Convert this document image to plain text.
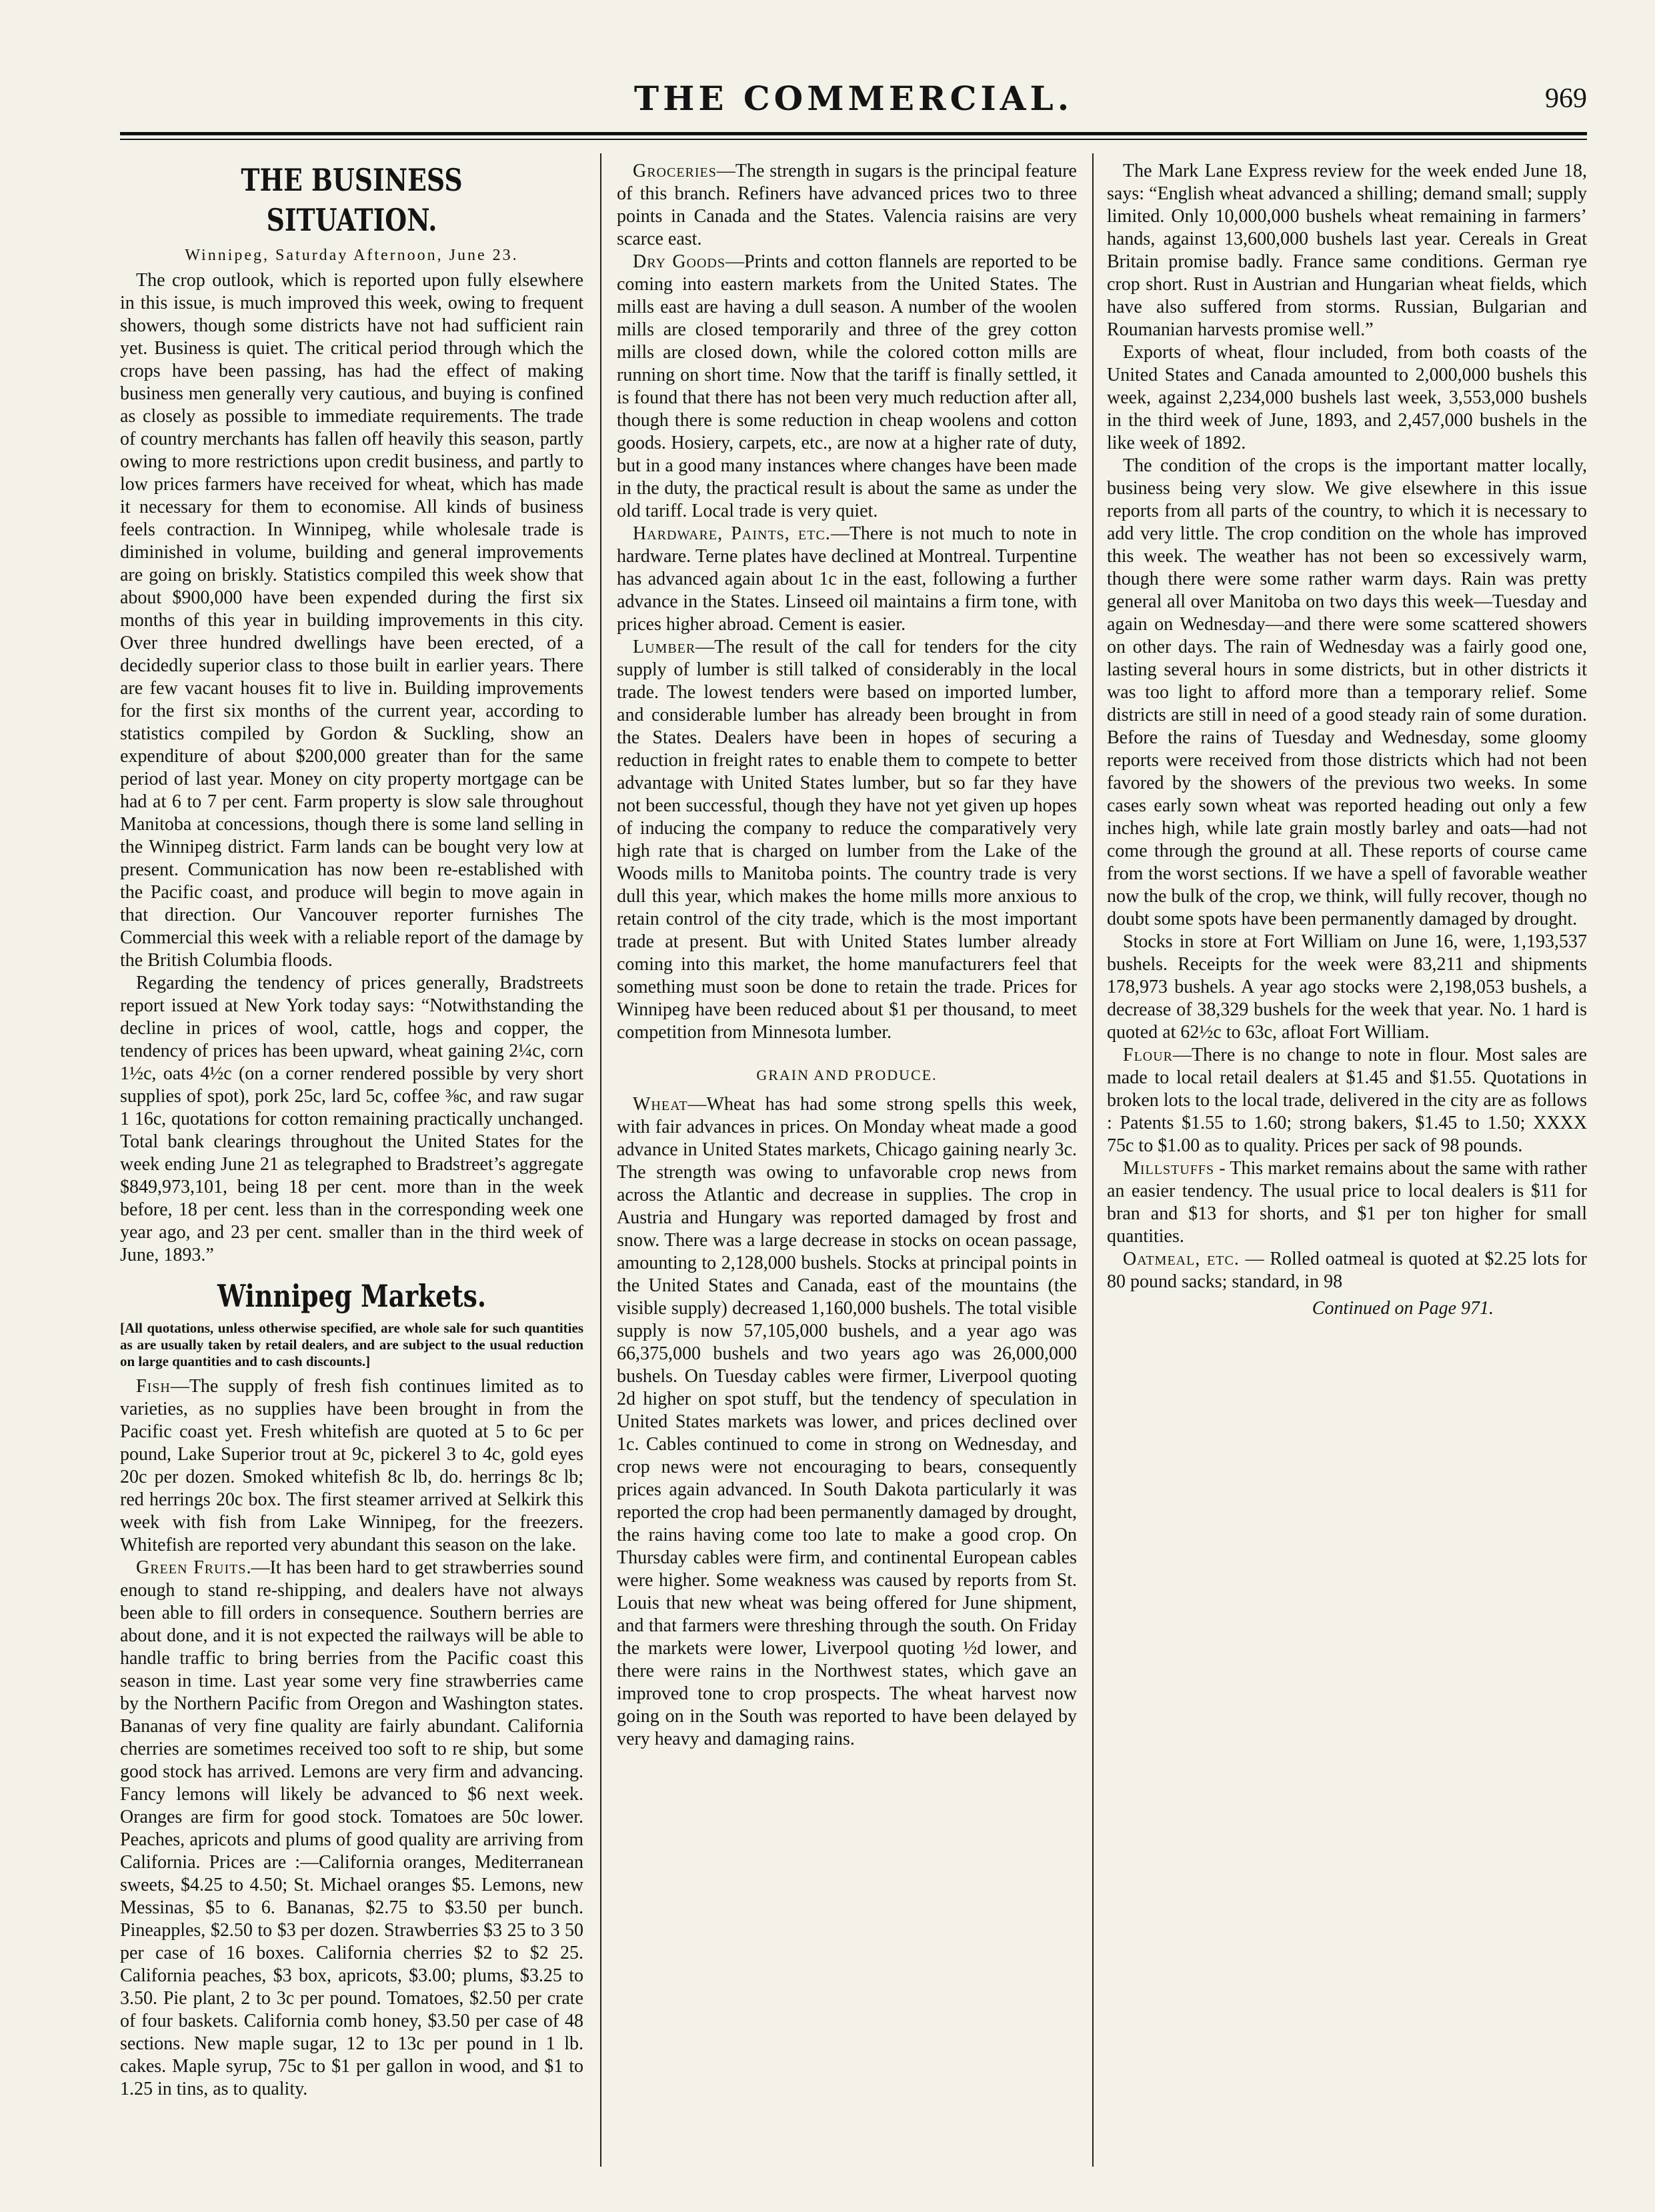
THE COMMERCIAL.	969
THE BUSINESS SITUATION.
Winnipeg, Saturday Afternoon, June 23.

The crop outlook, which is reported upon fully elsewhere in this issue, is much improved this week, owing to frequent showers, though some districts have not had sufficient rain yet. Business is quiet. The critical period through which the crops have been passing, has had the effect of making business men generally very cautious, and buying is confined as closely as possible to immediate requirements. The trade of country merchants has fallen off heavily this season, partly owing to more restrictions upon credit business, and partly to low prices farmers have received for wheat, which has made it necessary for them to economise. All kinds of business feels contraction. In Winnipeg, while wholesale trade is diminished in volume, building and general improvements are going on briskly. Statistics compiled this week show that about $900,000 have been expended during the first six months of this year in building improvements in this city. Over three hundred dwellings have been erected, of a decidedly superior class to those built in earlier years. There are few vacant houses fit to live in. Building improvements for the first six months of the current year, according to statistics compiled by Gordon & Suckling, show an expenditure of about $200,000 greater than for the same period of last year. Money on city property mortgage can be had at 6 to 7 per cent. Farm property is slow sale throughout Manitoba at concessions, though there is some land selling in the Winnipeg district. Farm lands can be bought very low at present. Communication has now been re-established with the Pacific coast, and produce will begin to move again in that direction. Our Vancouver reporter furnishes The Commercial this week with a reliable report of the damage by the British Columbia floods.

Regarding the tendency of prices generally, Bradstreets report issued at New York today says: “Notwithstanding the decline in prices of wool, cattle, hogs and copper, the tendency of prices has been upward, wheat gaining 2¼c, corn 1½c, oats 4½c (on a corner rendered possible by very short supplies of spot), pork 25c, lard 5c, coffee ⅜c, and raw sugar 1 16c, quotations for cotton remaining practically unchanged. Total bank clearings throughout the United States for the week ending June 21 as telegraphed to Bradstreet’s aggregate $849,973,101, being 18 per cent. more than in the week before, 18 per cent. less than in the corresponding week one year ago, and 23 per cent. smaller than in the third week of June, 1893.”

Winnipeg Markets.

[All quotations, unless otherwise specified, are whole sale for such quantities as are usually taken by retail dealers, and are subject to the usual reduction on large quantities and to cash discounts.]

Fish—The supply of fresh fish continues limited as to varieties, as no supplies have been brought in from the Pacific coast yet. Fresh whitefish are quoted at 5 to 6c per pound, Lake Superior trout at 9c, pickerel 3 to 4c, gold eyes 20c per dozen. Smoked whitefish 8c lb, do. herrings 8c lb; red herrings 20c box. The first steamer arrived at Selkirk this week with fish from Lake Winnipeg, for the freezers. Whitefish are reported very abundant this season on the lake.

Green Fruits.—It has been hard to get strawberries sound enough to stand re-shipping, and dealers have not always been able to fill orders in consequence. Southern berries are about done, and it is not expected the railways will be able to handle traffic to bring berries from the Pacific coast this season in time. Last year some very fine strawberries came by the Northern Pacific from Oregon and Washington states. Bananas of very fine quality are fairly abundant. California cherries are sometimes received too soft to re ship, but some good stock has arrived. Lemons are very firm and advancing. Fancy lemons will likely be advanced to $6 next week. Oranges are firm for good stock. Tomatoes are 50c lower. Peaches, apricots and plums of good quality are arriving from California. Prices are :—California oranges, Mediterranean sweets, $4.25 to 4.50; St. Michael oranges $5. Lemons, new Messinas, $5 to 6. Bananas, $2.75 to $3.50 per bunch. Pineapples, $2.50 to $3 per dozen. Strawberries $3 25 to 3 50 per case of 16 boxes. California cherries $2 to $2 25. California peaches, $3 box, apricots, $3.00; plums, $3.25 to 3.50. Pie plant, 2 to 3c per pound. Tomatoes, $2.50 per crate of four baskets. California comb honey, $3.50 per case of 48 sections. New maple sugar, 12 to 13c per pound in 1 lb. cakes. Maple syrup, 75c to $1 per gallon in wood, and $1 to 1.25 in tins, as to quality.

Groceries—The strength in sugars is the principal feature of this branch. Refiners have advanced prices two to three points in Canada and the States. Valencia raisins are very scarce east.

Dry Goods—Prints and cotton flannels are reported to be coming into eastern markets from the United States. The mills east are having a dull season. A number of the woolen mills are closed temporarily and three of the grey cotton mills are closed down, while the colored cotton mills are running on short time. Now that the tariff is finally settled, it is found that there has not been very much reduction after all, though there is some reduction in cheap woolens and cotton goods. Hosiery, carpets, etc., are now at a higher rate of duty, but in a good many instances where changes have been made in the duty, the practical result is about the same as under the old tariff. Local trade is very quiet.

Hardware, Paints, etc.—There is not much to note in hardware. Terne plates have declined at Montreal. Turpentine has advanced again about 1c in the east, following a further advance in the States. Linseed oil maintains a firm tone, with prices higher abroad. Cement is easier.

Lumber—The result of the call for tenders for the city supply of lumber is still talked of considerably in the local trade. The lowest tenders were based on imported lumber, and considerable lumber has already been brought in from the States. Dealers have been in hopes of securing a reduction in freight rates to enable them to compete to better advantage with United States lumber, but so far they have not been successful, though they have not yet given up hopes of inducing the company to reduce the comparatively very high rate that is charged on lumber from the Lake of the Woods mills to Manitoba points. The country trade is very dull this year, which makes the home mills more anxious to retain control of the city trade, which is the most important trade at present. But with United States lumber already coming into this market, the home manufacturers feel that something must soon be done to retain the trade. Prices for Winnipeg have been reduced about $1 per thousand, to meet competition from Minnesota lumber.

GRAIN AND PRODUCE.

Wheat—Wheat has had some strong spells this week, with fair advances in prices. On Monday wheat made a good advance in United States markets, Chicago gaining nearly 3c. The strength was owing to unfavorable crop news from across the Atlantic and decrease in supplies. The crop in Austria and Hungary was reported damaged by frost and snow. There was a large decrease in stocks on ocean passage, amounting to 2,128,000 bushels. Stocks at principal points in the United States and Canada, east of the mountains (the visible supply) decreased 1,160,000 bushels. The total visible supply is now 57,105,000 bushels, and a year ago was 66,375,000 bushels and two years ago was 26,000,000 bushels. On Tuesday cables were firmer, Liverpool quoting 2d higher on spot stuff, but the tendency of speculation in United States markets was lower, and prices declined over 1c. Cables continued to come in strong on Wednesday, and crop news were not encouraging to bears, consequently prices again advanced. In South Dakota particularly it was reported the crop had been permanently damaged by drought, the rains having come too late to make a good crop. On Thursday cables were firm, and continental European cables were higher. Some weakness was caused by reports from St. Louis that new wheat was being offered for June shipment, and that farmers were threshing through the south. On Friday the markets were lower, Liverpool quoting ½d lower, and there were rains in the Northwest states, which gave an improved tone to crop prospects. The wheat harvest now going on in the South was reported to have been delayed by very heavy and damaging rains.

The Mark Lane Express review for the week ended June 18, says: “English wheat advanced a shilling; demand small; supply limited. Only 10,000,000 bushels wheat remaining in farmers’ hands, against 13,600,000 bushels last year. Cereals in Great Britain promise badly. France same conditions. German rye crop short. Rust in Austrian and Hungarian wheat fields, which have also suffered from storms. Russian, Bulgarian and Roumanian harvests promise well.”

Exports of wheat, flour included, from both coasts of the United States and Canada amounted to 2,000,000 bushels this week, against 2,234,000 bushels last week, 3,553,000 bushels in the third week of June, 1893, and 2,457,000 bushels in the like week of 1892.

The condition of the crops is the important matter locally, business being very slow. We give elsewhere in this issue reports from all parts of the country, to which it is necessary to add very little. The crop condition on the whole has improved this week. The weather has not been so excessively warm, though there were some rather warm days. Rain was pretty general all over Manitoba on two days this week—Tuesday and again on Wednesday—and there were some scattered showers on other days. The rain of Wednesday was a fairly good one, lasting several hours in some districts, but in other districts it was too light to afford more than a temporary relief. Some districts are still in need of a good steady rain of some duration. Before the rains of Tuesday and Wednesday, some gloomy reports were received from those districts which had not been favored by the showers of the previous two weeks. In some cases early sown wheat was reported heading out only a few inches high, while late grain mostly barley and oats—had not come through the ground at all. These reports of course came from the worst sections. If we have a spell of favorable weather now the bulk of the crop, we think, will fully recover, though no doubt some spots have been permanently damaged by drought.

Stocks in store at Fort William on June 16, were, 1,193,537 bushels. Receipts for the week were 83,211 and shipments 178,973 bushels. A year ago stocks were 2,198,053 bushels, a decrease of 38,329 bushels for the week that year. No. 1 hard is quoted at 62½c to 63c, afloat Fort William.

Flour—There is no change to note in flour. Most sales are made to local retail dealers at $1.45 and $1.55. Quotations in broken lots to the local trade, delivered in the city are as follows : Patents $1.55 to 1.60; strong bakers, $1.45 to 1.50; XXXX 75c to $1.00 as to quality. Prices per sack of 98 pounds.

Millstuffs - This market remains about the same with rather an easier tendency. The usual price to local dealers is $11 for bran and $13 for shorts, and $1 per ton higher for small quantities.

Oatmeal, etc. — Rolled oatmeal is quoted at $2.25 lots for 80 pound sacks; standard, in 98

Continued on Page 971.
